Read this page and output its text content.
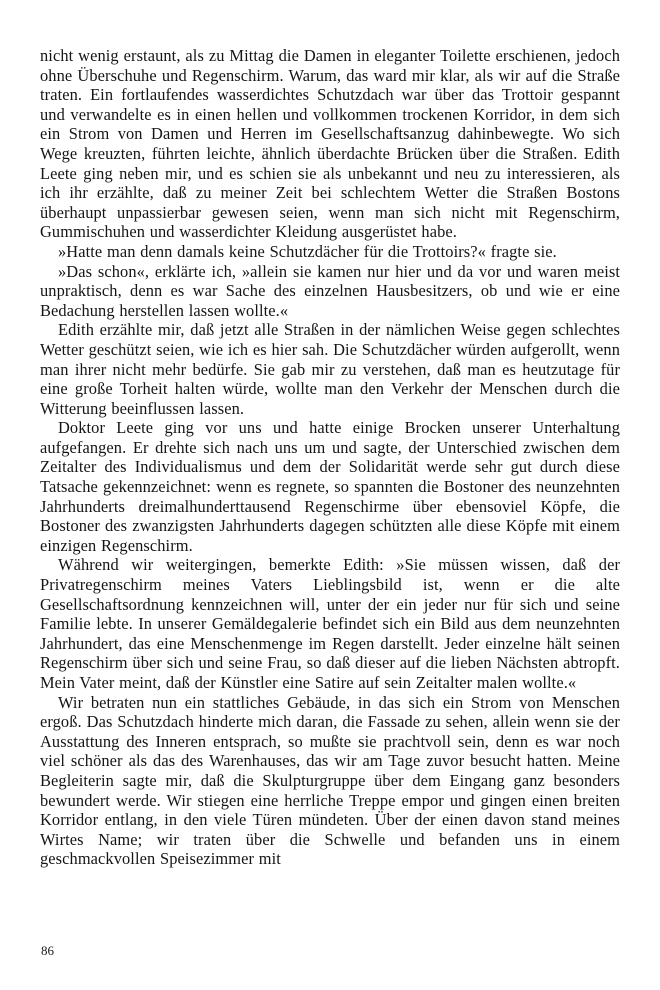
nicht wenig erstaunt, als zu Mittag die Damen in eleganter Toilette erschienen, jedoch ohne Überschuhe und Regenschirm. Warum, das ward mir klar, als wir auf die Straße traten. Ein fortlaufendes wasserdichtes Schutzdach war über das Trottoir gespannt und verwandelte es in einen hellen und vollkommen trockenen Korridor, in dem sich ein Strom von Damen und Herren im Gesellschaftsanzug dahinbewegte. Wo sich Wege kreuzten, führten leichte, ähnlich überdachte Brücken über die Straßen. Edith Leete ging neben mir, und es schien sie als unbekannt und neu zu interessieren, als ich ihr erzählte, daß zu meiner Zeit bei schlechtem Wetter die Straßen Bostons überhaupt unpassierbar gewesen seien, wenn man sich nicht mit Regenschirm, Gummischuhen und wasserdichter Kleidung ausgerüstet habe.

»Hatte man denn damals keine Schutzdächer für die Trottoirs?« fragte sie.

»Das schon«, erklärte ich, »allein sie kamen nur hier und da vor und waren meist unpraktisch, denn es war Sache des einzelnen Hausbesitzers, ob und wie er eine Bedachung herstellen lassen wollte.«

Edith erzählte mir, daß jetzt alle Straßen in der nämlichen Weise gegen schlechtes Wetter geschützt seien, wie ich es hier sah. Die Schutzdächer würden aufgerollt, wenn man ihrer nicht mehr bedürfe. Sie gab mir zu verstehen, daß man es heutzutage für eine große Torheit halten würde, wollte man den Verkehr der Menschen durch die Witterung beeinflussen lassen.

Doktor Leete ging vor uns und hatte einige Brocken unserer Unterhaltung aufgefangen. Er drehte sich nach uns um und sagte, der Unterschied zwischen dem Zeitalter des Individualismus und dem der Solidarität werde sehr gut durch diese Tatsache gekennzeichnet: wenn es regnete, so spannten die Bostoner des neunzehnten Jahrhunderts dreimalhunderttausend Regenschirme über ebensoviel Köpfe, die Bostoner des zwanzigsten Jahrhunderts dagegen schützten alle diese Köpfe mit einem einzigen Regenschirm.

Während wir weitergingen, bemerkte Edith: »Sie müssen wissen, daß der Privatregenschirm meines Vaters Lieblingsbild ist, wenn er die alte Gesellschaftsordnung kennzeichnen will, unter der ein jeder nur für sich und seine Familie lebte. In unserer Gemäldegalerie befindet sich ein Bild aus dem neunzehnten Jahrhundert, das eine Menschenmenge im Regen darstellt. Jeder einzelne hält seinen Regenschirm über sich und seine Frau, so daß dieser auf die lieben Nächsten abtropft. Mein Vater meint, daß der Künstler eine Satire auf sein Zeitalter malen wollte.«

Wir betraten nun ein stattliches Gebäude, in das sich ein Strom von Menschen ergoß. Das Schutzdach hinderte mich daran, die Fassade zu sehen, allein wenn sie der Ausstattung des Inneren entsprach, so mußte sie prachtvoll sein, denn es war noch viel schöner als das des Warenhauses, das wir am Tage zuvor besucht hatten. Meine Begleiterin sagte mir, daß die Skulpturgruppe über dem Eingang ganz besonders bewundert werde. Wir stiegen eine herrliche Treppe empor und gingen einen breiten Korridor entlang, in den viele Türen mündeten. Über der einen davon stand meines Wirtes Name; wir traten über die Schwelle und befanden uns in einem geschmackvollen Speisezimmer mit

86
